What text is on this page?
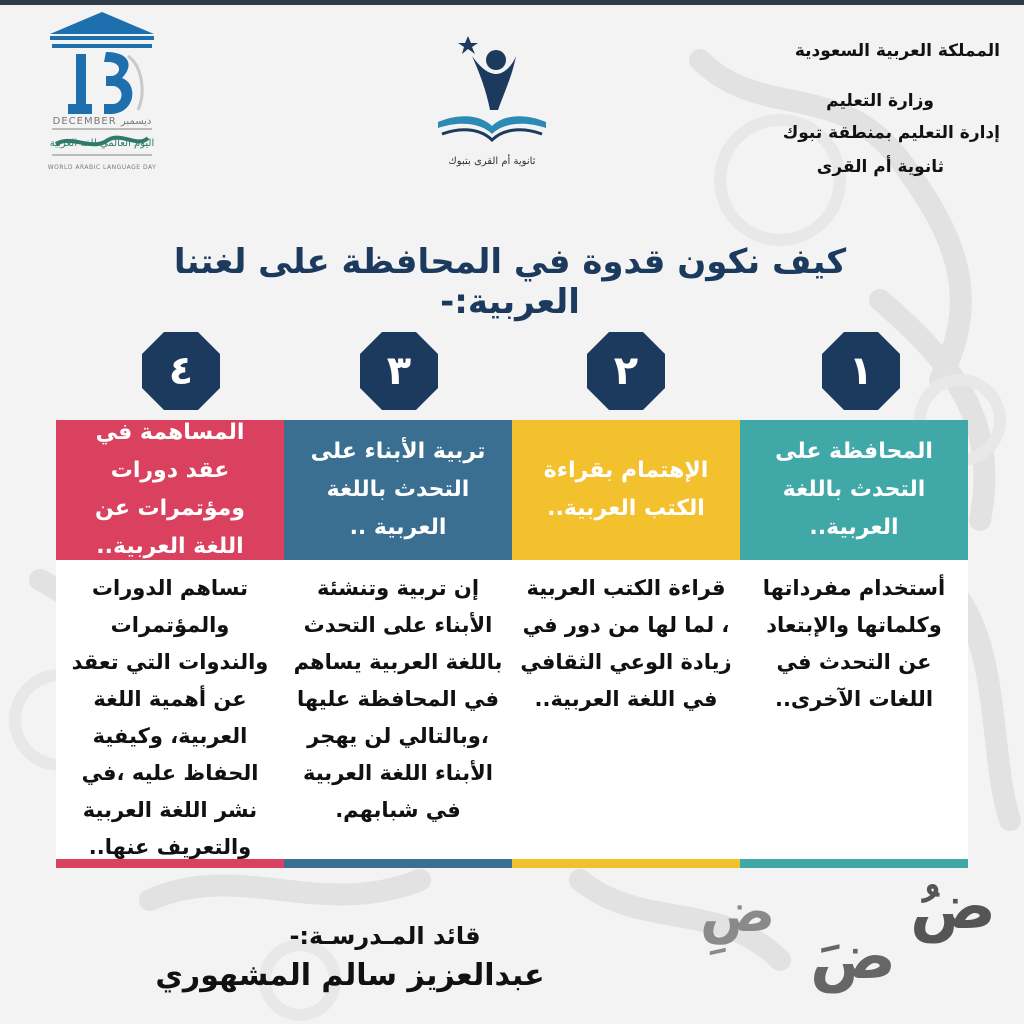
DECEMBER ديسمبر
اليوم العالمي للغة العربية
WORLD ARABIC LANGUAGE DAY
ثانوية أم القرى بتبوك
المملكة العربية السعودية
وزارة التعليم
إدارة التعليم بمنطقة تبوك
ثانوية أم القرى
كيف نكون قدوة في المحافظة على لغتنا العربية:-
١
٢
٣
٤
المحافظة على التحدث باللغة العربية..
أستخدام مفرداتها وكلماتها والإبتعاد عن التحدث في اللغات الآخرى..
الإهتمام بقراءة الكتب العربية..
قراءة الكتب العربية ، لما لها من دور في زيادة الوعي الثقافي في اللغة العربية..
تربية الأبناء على التحدث باللغة العربية ..
إن تربية وتنشئة الأبناء على التحدث باللغة العربية يساهم في المحافظة عليها ،وبالتالي لن يهجر الأبناء اللغة العربية في شبابهم.
المساهمة في عقد دورات ومؤتمرات عن اللغة العربية..
تساهم الدورات والمؤتمرات والندوات التي تعقد عن أهمية اللغة العربية، وكيفية الحفاظ عليه ،في نشر اللغة العربية والتعريف عنها..
قائد المـدرسـة:-
عبدالعزيز سالم المشهوري
ضُ
ضَ
ضِ
